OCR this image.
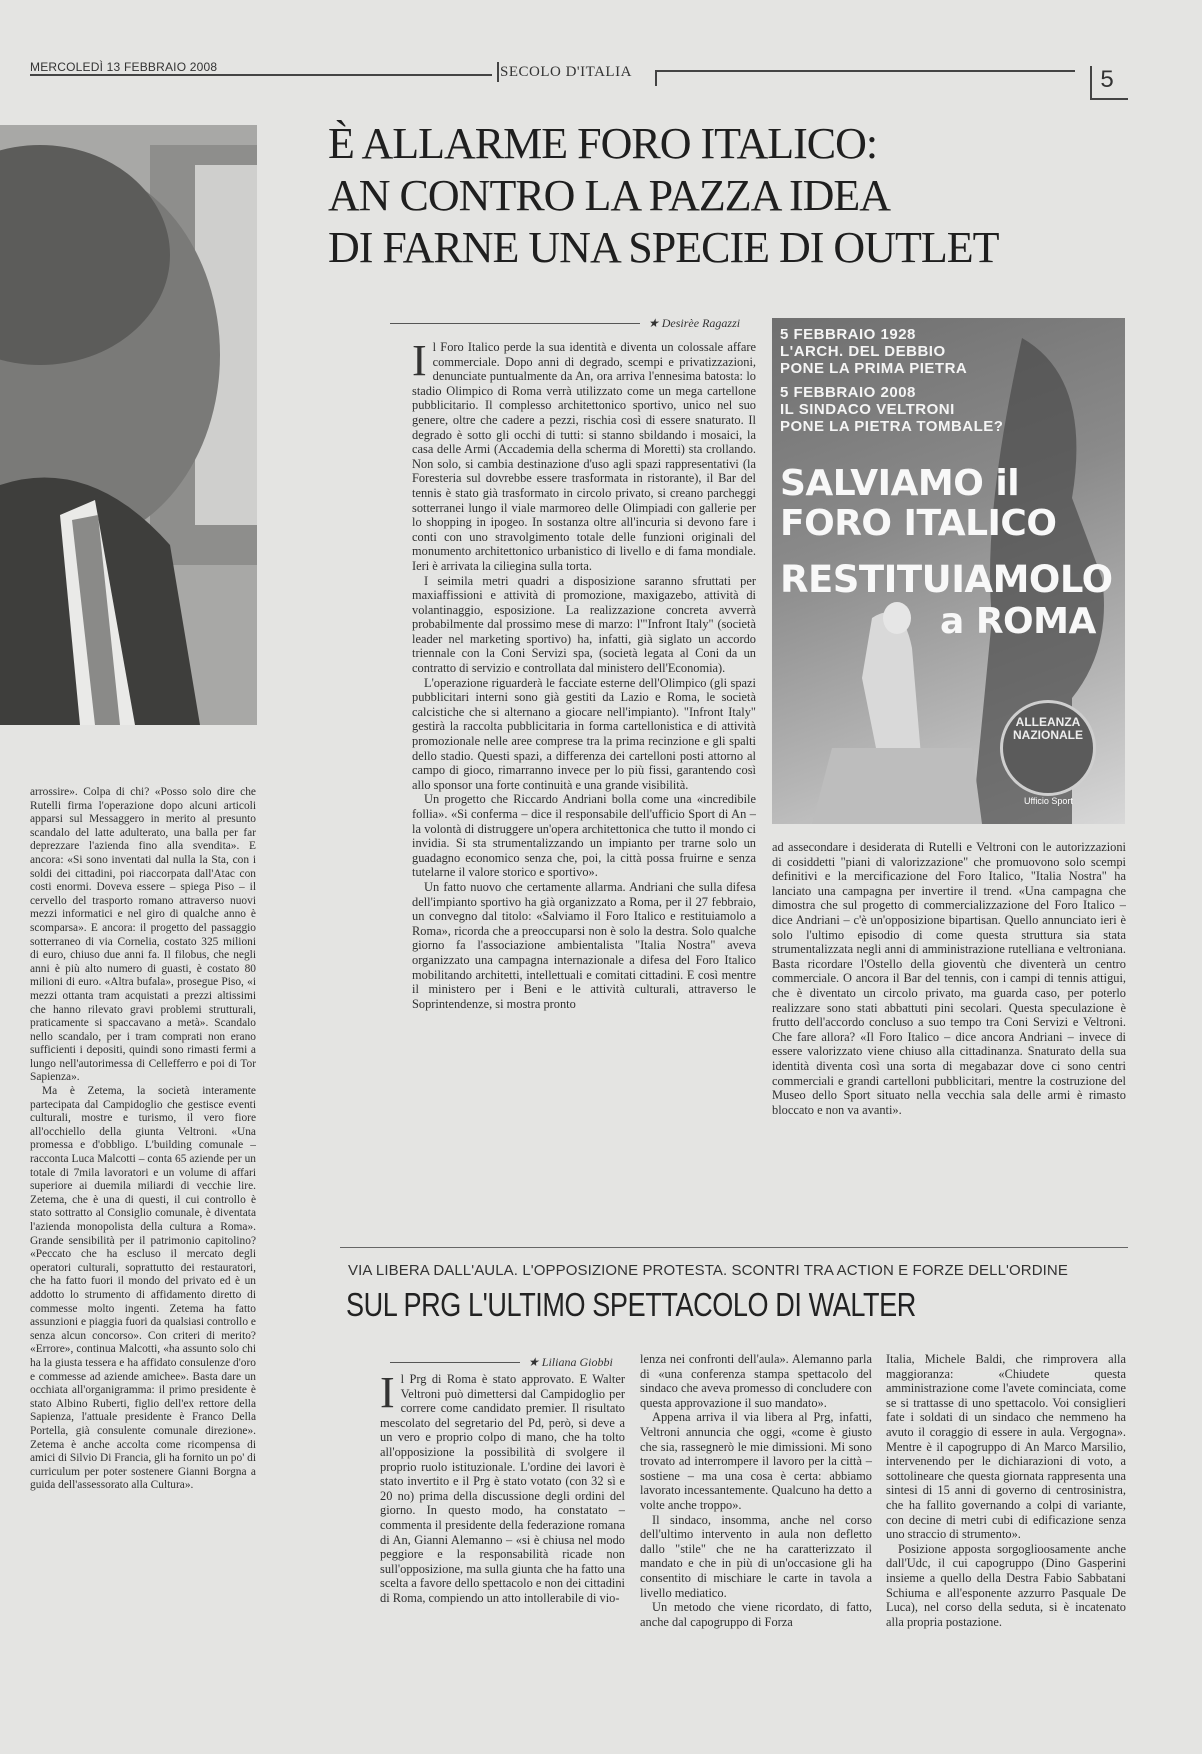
MERCOLEDÌ 13 FEBBRAIO 2008	SECOLO D'ITALIA	5
È ALLARME FORO ITALICO:
AN CONTRO LA PAZZA IDEA
DI FARNE UNA SPECIE DI OUTLET
★ Desirèe Ragazzi

Il Foro Italico perde la sua identità e diventa un colossale affare commerciale. Dopo anni di degrado, scempi e privatizzazioni, denunciate puntualmente da An, ora arriva l'ennesima batosta: lo stadio Olimpico di Roma verrà utilizzato come un mega cartellone pubblicitario. Il complesso architettonico sportivo, unico nel suo genere, oltre che cadere a pezzi, rischia così di essere snaturato. Il degrado è sotto gli occhi di tutti: si stanno sbildando i mosaici, la casa delle Armi (Accademia della scherma di Moretti) sta crollando. Non solo, si cambia destinazione d'uso agli spazi rappresentativi (la Foresteria sul dovrebbe essere trasformata in ristorante), il Bar del tennis è stato già trasformato in circolo privato, si creano parcheggi sotterranei lungo il viale marmoreo delle Olimpiadi con gallerie per lo shopping in ipogeo. In sostanza oltre all'incuria si devono fare i conti con uno stravolgimento totale delle funzioni originali del monumento architettonico urbanistico di livello e di fama mondiale. Ieri è arrivata la ciliegina sulla torta.

I seimila metri quadri a disposizione saranno sfruttati per maxiaffissioni e attività di promozione, maxigazebo, attività di volantinaggio, esposizione. La realizzazione concreta avverrà probabilmente dal prossimo mese di marzo: l'"Infront Italy" (società leader nel marketing sportivo) ha, infatti, già siglato un accordo triennale con la Coni Servizi spa, (società legata al Coni da un contratto di servizio e controllata dal ministero dell'Economia).

L'operazione riguarderà le facciate esterne dell'Olimpico (gli spazi pubblicitari interni sono già gestiti da Lazio e Roma, le società calcistiche che si alternano a giocare nell'impianto). "Infront Italy" gestirà la raccolta pubblicitaria in forma cartellonistica e di attività promozionale nelle aree comprese tra la prima recinzione e gli spalti dello stadio. Questi spazi, a differenza dei cartelloni posti attorno al campo di gioco, rimarranno invece per lo più fissi, garantendo così allo sponsor una forte continuità e una grande visibilità.

Un progetto che Riccardo Andriani bolla come una «incredibile follia». «Si conferma – dice il responsabile dell'ufficio Sport di An – la volontà di distruggere un'opera architettonica che tutto il mondo ci invidia. Si sta strumentalizzando un impianto per trarne solo un guadagno economico senza che, poi, la città possa fruirne e senza tutelarne il valore storico e sportivo».

Un fatto nuovo che certamente allarma. Andriani che sulla difesa dell'impianto sportivo ha già organizzato a Roma, per il 27 febbraio, un convegno dal titolo: «Salviamo il Foro Italico e restituiamolo a Roma», ricorda che a preoccuparsi non è solo la destra. Solo qualche giorno fa l'associazione ambientalista "Italia Nostra" aveva organizzato una campagna internazionale a difesa del Foro Italico mobilitando architetti, intellettuali e comitati cittadini. E così mentre il ministero per i Beni e le attività culturali, attraverso le Soprintendenze, si mostra pronto

5 FEBBRAIO 1928
L'ARCH. DEL DEBBIO
PONE LA PRIMA PIETRA
5 FEBBRAIO 2008
IL SINDACO VELTRONI
PONE LA PIETRA TOMBALE?
SALVIAMO il
FORO ITALICO
RESTITUIAMOLO
a ROMA
ALLEANZA NAZIONALE
Ufficio Sport

ad assecondare i desiderata di Rutelli e Veltroni con le autorizzazioni di cosiddetti "piani di valorizzazione" che promuovono solo scempi definitivi e la mercificazione del Foro Italico, "Italia Nostra" ha lanciato una campagna per invertire il trend. «Una campagna che dimostra che sul progetto di commercializzazione del Foro Italico – dice Andriani – c'è un'opposizione bipartisan. Quello annunciato ieri è solo l'ultimo episodio di come questa struttura sia stata strumentalizzata negli anni di amministrazione rutelliana e veltroniana. Basta ricordare l'Ostello della gioventù che diventerà un centro commerciale. O ancora il Bar del tennis, con i campi di tennis attigui, che è diventato un circolo privato, ma guarda caso, per poterlo realizzare sono stati abbattuti pini secolari. Questa speculazione è frutto dell'accordo concluso a suo tempo tra Coni Servizi e Veltroni. Che fare allora? «Il Foro Italico – dice ancora Andriani – invece di essere valorizzato viene chiuso alla cittadinanza. Snaturato della sua identità diventa così una sorta di megabazar dove ci sono centri commerciali e grandi cartelloni pubblicitari, mentre la costruzione del Museo dello Sport situato nella vecchia sala delle armi è rimasto bloccato e non va avanti».

arrossire». Colpa di chi? «Posso solo dire che Rutelli firma l'operazione dopo alcuni articoli apparsi sul Messaggero in merito al presunto scandalo del latte adulterato, una balla per far deprezzare l'azienda fino alla svendita». E ancora: «Si sono inventati dal nulla la Sta, con i soldi dei cittadini, poi riaccorpata dall'Atac con costi enormi. Doveva essere – spiega Piso – il cervello del trasporto romano attraverso nuovi mezzi informatici e nel giro di qualche anno è scomparsa». E ancora: il progetto del passaggio sotterraneo di via Cornelia, costato 325 milioni di euro, chiuso due anni fa. Il filobus, che negli anni è più alto numero di guasti, è costato 80 milioni di euro. «Altra bufala», prosegue Piso, «i mezzi ottanta tram acquistati a prezzi altissimi che hanno rilevato gravi problemi strutturali, praticamente si spaccavano a metà». Scandalo nello scandalo, per i tram comprati non erano sufficienti i depositi, quindi sono rimasti fermi a lungo nell'autorimessa di Cellefferro e poi di Tor Sapienza».

Ma è Zetema, la società interamente partecipata dal Campidoglio che gestisce eventi culturali, mostre e turismo, il vero fiore all'occhiello della giunta Veltroni. «Una promessa e d'obbligo. L'building comunale – racconta Luca Malcotti – conta 65 aziende per un totale di 7mila lavoratori e un volume di affari superiore ai duemila miliardi di vecchie lire. Zetema, che è una di questi, il cui controllo è stato sottratto al Consiglio comunale, è diventata l'azienda monopolista della cultura a Roma». Grande sensibilità per il patrimonio capitolino? «Peccato che ha escluso il mercato degli operatori culturali, soprattutto dei restauratori, che ha fatto fuori il mondo del privato ed è un addotto lo strumento di affidamento diretto di commesse molto ingenti. Zetema ha fatto assunzioni e piaggia fuori da qualsiasi controllo e senza alcun concorso». Con criteri di merito? «Errore», continua Malcotti, «ha assunto solo chi ha la giusta tessera e ha affidato consulenze d'oro e commesse ad aziende amichee». Basta dare un occhiata all'organigramma: il primo presidente è stato Albino Ruberti, figlio dell'ex rettore della Sapienza, l'attuale presidente è Franco Della Portella, già consulente comunale direzione». Zetema è anche accolta come ricompensa di amici di Silvio Di Francia, gli ha fornito un po' di curriculum per poter sostenere Gianni Borgna a guida dell'assessorato alla Cultura».

VIA LIBERA DALL'AULA. L'OPPOSIZIONE PROTESTA. SCONTRI TRA ACTION E FORZE DELL'ORDINE
SUL PRG L'ULTIMO SPETTACOLO DI WALTER
★ Liliana Giobbi

Il Prg di Roma è stato approvato. E Walter Veltroni può dimettersi dal Campidoglio per correre come candidato premier. Il risultato mescolato del segretario del Pd, però, si deve a un vero e proprio colpo di mano, che ha tolto all'opposizione la possibilità di svolgere il proprio ruolo istituzionale. L'ordine dei lavori è stato invertito e il Prg è stato votato (con 32 sì e 20 no) prima della discussione degli ordini del giorno. In questo modo, ha constatato – commenta il presidente della federazione romana di An, Gianni Alemanno – «si è chiusa nel modo peggiore e la responsabilità ricade non sull'opposizione, ma sulla giunta che ha fatto una scelta a favore dello spettacolo e non dei cittadini di Roma, compiendo un atto intollerabile di vio-

lenza nei confronti dell'aula». Alemanno parla di «una conferenza stampa spettacolo del sindaco che aveva promesso di concludere con questa approvazione il suo mandato».

Appena arriva il via libera al Prg, infatti, Veltroni annuncia che oggi, «come è giusto che sia, rassegnerò le mie dimissioni. Mi sono trovato ad interrompere il lavoro per la città – sostiene – ma una cosa è certa: abbiamo lavorato incessantemente. Qualcuno ha detto a volte anche troppo».

Il sindaco, insomma, anche nel corso dell'ultimo intervento in aula non defletto dallo "stile" che ne ha caratterizzato il mandato e che in più di un'occasione gli ha consentito di mischiare le carte in tavola a livello mediatico.

Un metodo che viene ricordato, di fatto, anche dal capogruppo di Forza

Italia, Michele Baldi, che rimprovera alla maggioranza: «Chiudete questa amministrazione come l'avete cominciata, come se si trattasse di uno spettacolo. Voi consiglieri fate i soldati di un sindaco che nemmeno ha avuto il coraggio di essere in aula. Vergogna». Mentre è il capogruppo di An Marco Marsilio, intervenendo per le dichiarazioni di voto, a sottolineare che questa giornata rappresenta una sintesi di 15 anni di governo di centrosinistra, che ha fallito governando a colpi di variante, con decine di metri cubi di edificazione senza uno straccio di strumento».

Posizione apposta sorgoglioosamente anche dall'Udc, il cui capogruppo (Dino Gasperini insieme a quello della Destra Fabio Sabbatani Schiuma e all'esponente azzurro Pasquale De Luca), nel corso della seduta, si è incatenato alla propria postazione.
